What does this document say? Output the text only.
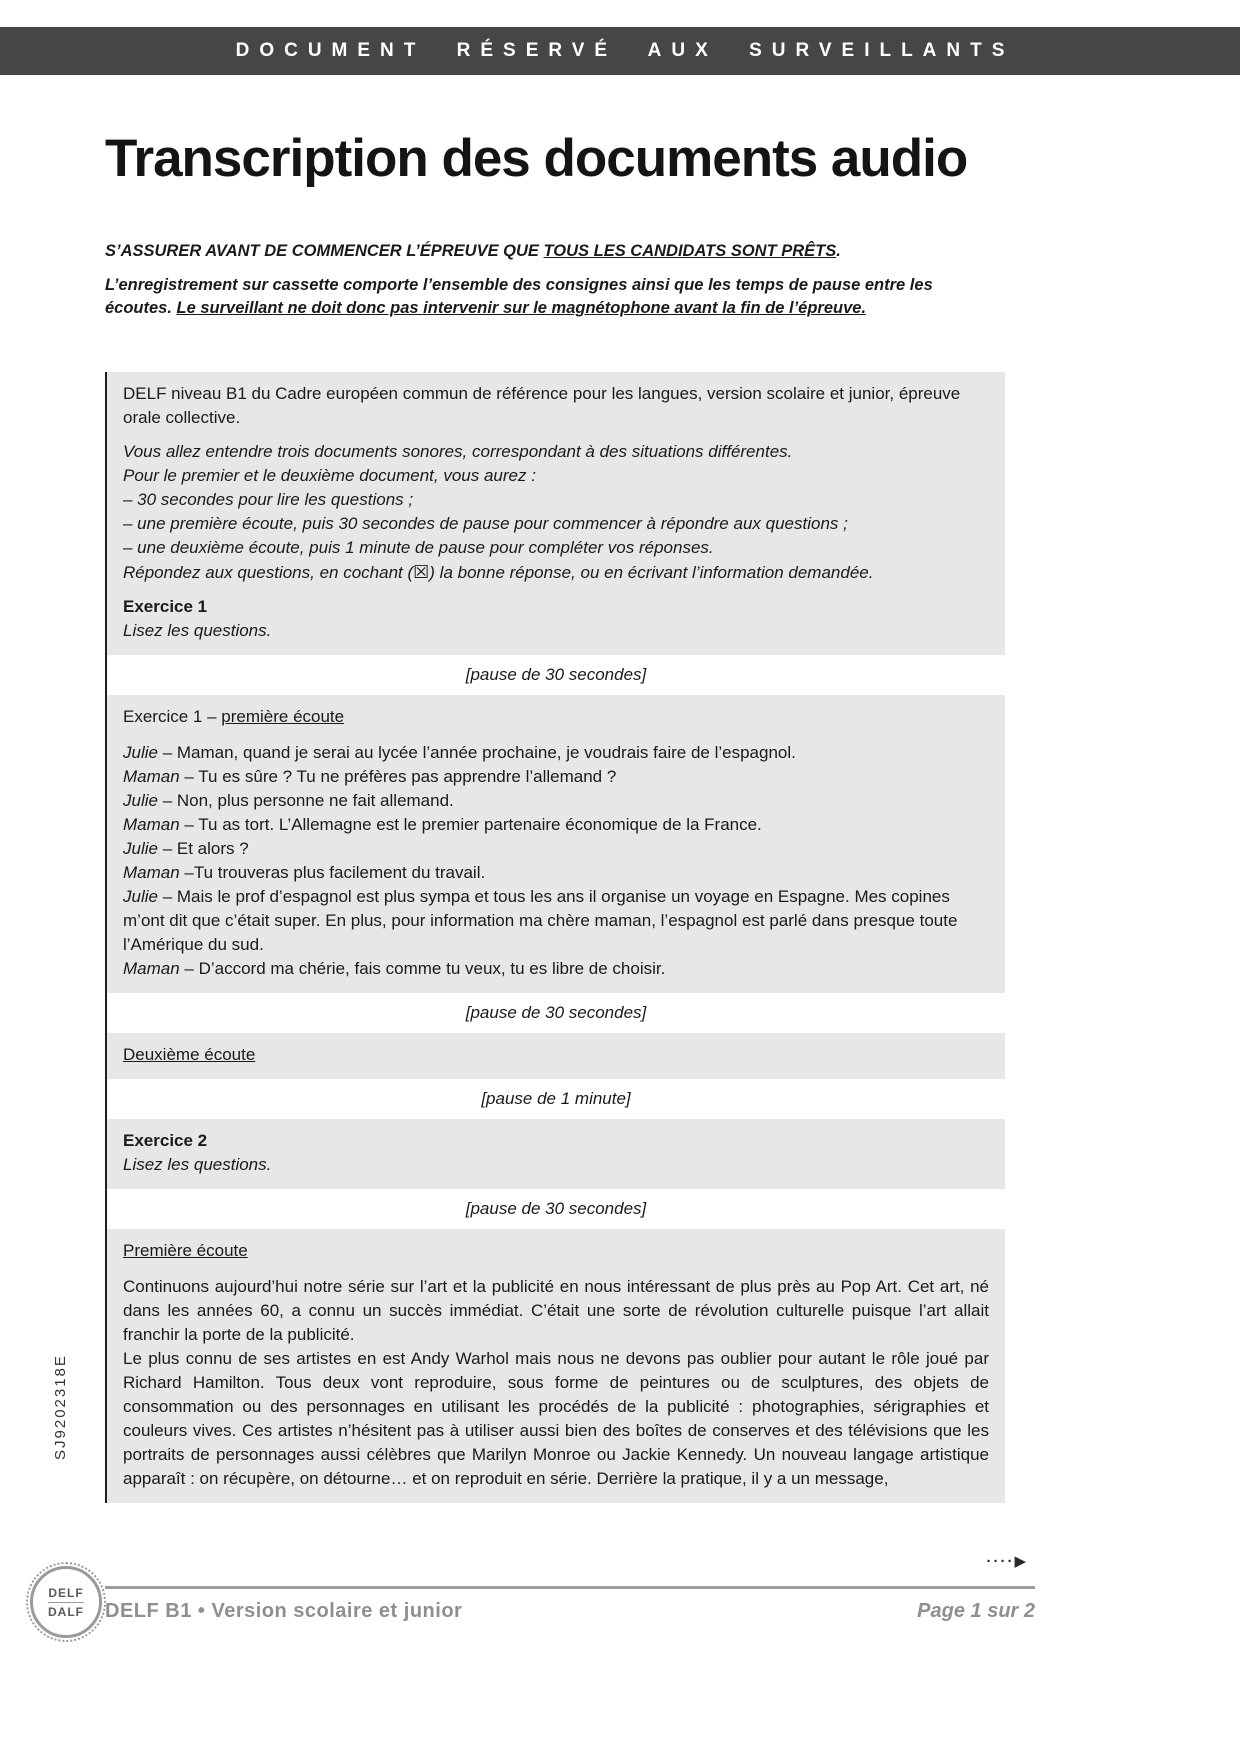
DOCUMENT RÉSERVÉ AUX SURVEILLANTS
Transcription des documents audio

S’ASSURER AVANT DE COMMENCER L’ÉPREUVE QUE TOUS LES CANDIDATS SONT PRÊTS.

L’enregistrement sur cassette comporte l’ensemble des consignes ainsi que les temps de pause entre les écoutes. Le surveillant ne doit donc pas intervenir sur le magnétophone avant la fin de l’épreuve.

DELF niveau B1 du Cadre européen commun de référence pour les langues, version scolaire et junior, épreuve orale collective.

Vous allez entendre trois documents sonores, correspondant à des situations différentes.

Pour le premier et le deuxième document, vous aurez :

– 30 secondes pour lire les questions ;

– une première écoute, puis 30 secondes de pause pour commencer à répondre aux questions ;

– une deuxième écoute, puis 1 minute de pause pour compléter vos réponses.

Répondez aux questions, en cochant (☒) la bonne réponse, ou en écrivant l’information demandée.

Exercice 1

Lisez les questions.

[pause de 30 secondes]

Exercice 1 – première écoute

Julie – Maman, quand je serai au lycée l’année prochaine, je voudrais faire de l’espagnol.

Maman – Tu es sûre ? Tu ne préfères pas apprendre l’allemand ?

Julie – Non, plus personne ne fait allemand.

Maman – Tu as tort. L’Allemagne est le premier partenaire économique de la France.

Julie – Et alors ?

Maman –Tu trouveras plus facilement du travail.

Julie – Mais le prof d’espagnol est plus sympa et tous les ans il organise un voyage en Espagne. Mes copines m’ont dit que c’était super. En plus, pour information ma chère maman, l’espagnol est parlé dans presque toute l’Amérique du sud.

Maman – D’accord ma chérie, fais comme tu veux, tu es libre de choisir.

[pause de 30 secondes]

Deuxième écoute

[pause de 1 minute]

Exercice 2

Lisez les questions.

[pause de 30 secondes]

Première écoute

Continuons aujourd’hui notre série sur l’art et la publicité en nous intéressant de plus près au Pop Art. Cet art, né dans les années 60, a connu un succès immédiat. C’était une sorte de révolution culturelle puisque l’art allait franchir la porte de la publicité.

Le plus connu de ses artistes en est Andy Warhol mais nous ne devons pas oublier pour autant le rôle joué par Richard Hamilton. Tous deux vont reproduire, sous forme de peintures ou de sculptures, des objets de consommation ou des personnages en utilisant les procédés de la publicité : photographies, sérigraphies et couleurs vives. Ces artistes n’hésitent pas à utiliser aussi bien des boîtes de conserves et des télévisions que les portraits de personnages aussi célèbres que Marilyn Monroe ou Jackie Kennedy. Un nouveau langage artistique apparaît : on récupère, on détourne… et on reproduit en série. Derrière la pratique, il y a un message,

SJ9202318E
DELF
DALF
····▶
DELF B1 • Version scolaire et junior	Page 1 sur 2
